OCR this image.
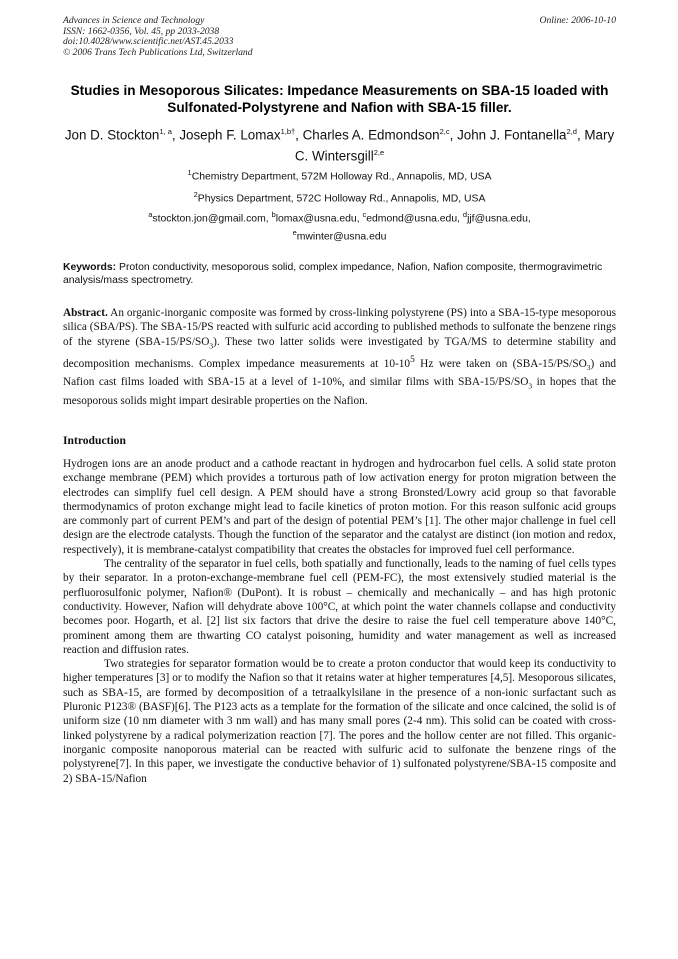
Advances in Science and Technology
ISSN: 1662-0356, Vol. 45, pp 2033-2038
doi:10.4028/www.scientific.net/AST.45.2033
© 2006 Trans Tech Publications Ltd, Switzerland
Online: 2006-10-10
Studies in Mesoporous Silicates: Impedance Measurements on SBA-15 loaded with Sulfonated-Polystyrene and Nafion with SBA-15 filler.
Jon D. Stockton$^{1, a}$, Joseph F. Lomax$^{1,b\dagger}$, Charles A. Edmondson$^{2,c}$, John J. Fontanella$^{2,d}$, Mary C. Wintersgill$^{2,e}$
$^1$Chemistry Department, 572M Holloway Rd., Annapolis, MD, USA
$^2$Physics Department, 572C Holloway Rd., Annapolis, MD, USA
$^a$stockton.jon@gmail.com, $^b$lomax@usna.edu, $^c$edmond@usna.edu, $^d$jjf@usna.edu,
$^e$mwinter@usna.edu
Keywords: Proton conductivity, mesoporous solid, complex impedance, Nafion, Nafion composite, thermogravimetric analysis/mass spectrometry.
Abstract. An organic-inorganic composite was formed by cross-linking polystyrene (PS) into a SBA-15-type mesoporous silica (SBA/PS). The SBA-15/PS reacted with sulfuric acid according to published methods to sulfonate the benzene rings of the styrene $(SBA-15/PS/SO_3)$. These two latter solids were investigated by TGA/MS to determine stability and decomposition mechanisms. Complex impedance measurements at $10-10^5$ Hz were taken on $(SBA-15/PS/SO_3)$ and Nafion cast films loaded with SBA-15 at a level of 1-10%, and similar films with SBA-$15/PS/SO_3$ in hopes that the mesoporous solids might impart desirable properties on the Nafion.
Introduction

Hydrogen ions are an anode product and a cathode reactant in hydrogen and hydrocarbon fuel cells. A solid state proton exchange membrane (PEM) which provides a torturous path of low activation energy for proton migration between the electrodes can simplify fuel cell design. A PEM should have a strong Bronsted/Lowry acid group so that favorable thermodynamics of proton exchange might lead to facile kinetics of proton motion. For this reason sulfonic acid groups are commonly part of current PEM’s and part of the design of potential PEM’s [1]. The other major challenge in fuel cell design are the electrode catalysts. Though the function of the separator and the catalyst are distinct (ion motion and redox, respectively), it is membrane-catalyst compatibility that creates the obstacles for improved fuel cell performance.

The centrality of the separator in fuel cells, both spatially and functionally, leads to the naming of fuel cells types by their separator. In a proton-exchange-membrane fuel cell (PEM-FC), the most extensively studied material is the perfluorosulfonic polymer, Nafion® (DuPont). It is robust – chemically and mechanically – and has high protonic conductivity. However, Nafion will dehydrate above 100°C, at which point the water channels collapse and conductivity becomes poor. Hogarth, et al. [2] list six factors that drive the desire to raise the fuel cell temperature above 140°C, prominent among them are thwarting CO catalyst poisoning, humidity and water management as well as increased reaction and diffusion rates.

Two strategies for separator formation would be to create a proton conductor that would keep its conductivity to higher temperatures [3] or to modify the Nafion so that it retains water at higher temperatures [4,5]. Mesoporous silicates, such as SBA-15, are formed by decomposition of a tetraalkylsilane in the presence of a non-ionic surfactant such as Pluronic P123® (BASF)[6]. The P123 acts as a template for the formation of the silicate and once calcined, the solid is of uniform size (10 nm diameter with 3 nm wall) and has many small pores (2-4 nm). This solid can be coated with cross-linked polystyrene by a radical polymerization reaction [7]. The pores and the hollow center are not filled. This organic-inorganic composite nanoporous material can be reacted with sulfuric acid to sulfonate the benzene rings of the polystyrene[7]. In this paper, we investigate the conductive behavior of 1) sulfonated polystyrene/SBA-15 composite and 2) SBA-15/Nafion
